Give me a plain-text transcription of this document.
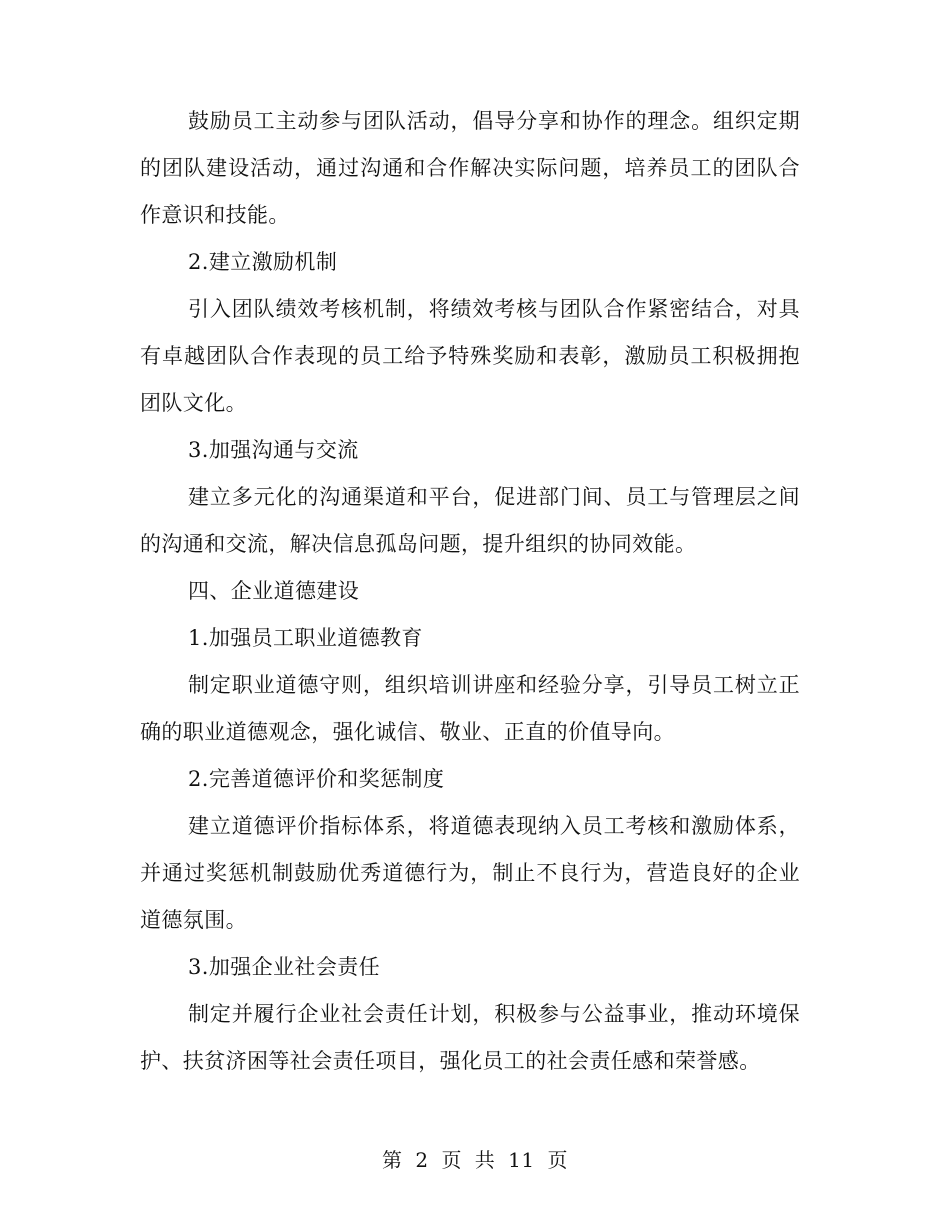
鼓励员工主动参与团队活动，倡导分享和协作的理念。组织定期的团队建设活动，通过沟通和合作解决实际问题，培养员工的团队合作意识和技能。

2.建立激励机制

引入团队绩效考核机制，将绩效考核与团队合作紧密结合，对具有卓越团队合作表现的员工给予特殊奖励和表彰，激励员工积极拥抱团队文化。

3.加强沟通与交流

建立多元化的沟通渠道和平台，促进部门间、员工与管理层之间的沟通和交流，解决信息孤岛问题，提升组织的协同效能。

四、企业道德建设

1.加强员工职业道德教育

制定职业道德守则，组织培训讲座和经验分享，引导员工树立正确的职业道德观念，强化诚信、敬业、正直的价值导向。

2.完善道德评价和奖惩制度

建立道德评价指标体系，将道德表现纳入员工考核和激励体系，并通过奖惩机制鼓励优秀道德行为，制止不良行为，营造良好的企业道德氛围。

3.加强企业社会责任

制定并履行企业社会责任计划，积极参与公益事业，推动环境保护、扶贫济困等社会责任项目，强化员工的社会责任感和荣誉感。

第 2 页 共 11 页
